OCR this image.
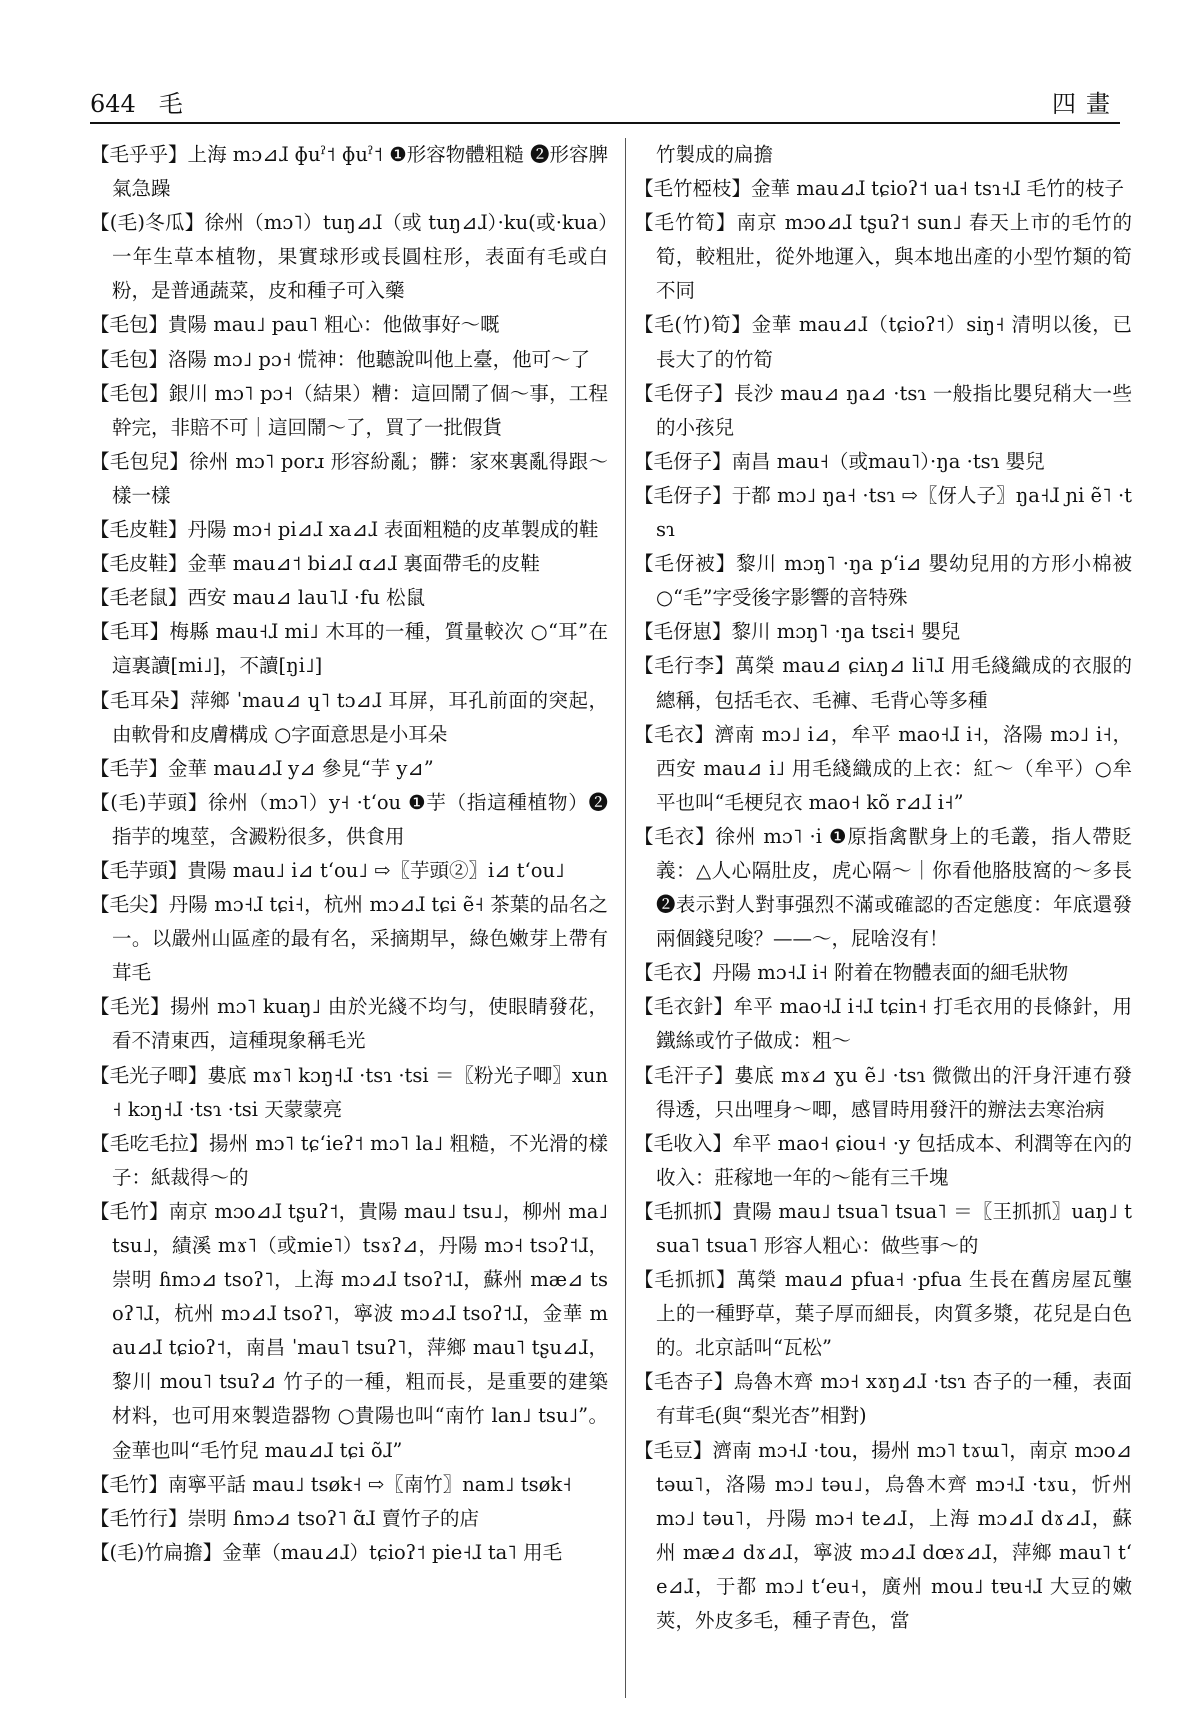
644 毛	四畫

【毛乎乎】上海 mɔ⊿ɺ ɸuˀ˦ ɸuˀ˦ ❶形容物體粗糙 ❷形容脾氣急躁

【(毛)冬瓜】徐州（mɔ˥）tuŋ⊿ɺ（或 tuŋ⊿ɺ）·ku(或·kua）一年生草本植物，果實球形或長圓柱形，表面有毛或白粉，是普通蔬菜，皮和種子可入藥

【毛包】貴陽 mau˩ pau˥ 粗心：他做事好～嘅

【毛包】洛陽 mɔ˩ pɔ˧ 慌神：他聽說叫他上臺，他可～了

【毛包】銀川 mɔ˥ pɔ˧（結果）糟：這回鬧了個～事，工程幹完，非賠不可｜這回鬧～了，買了一批假貨

【毛包兒】徐州 mɔ˥ porɹ 形容紛亂；髒：家來裏亂得跟～樣一樣

【毛皮鞋】丹陽 mɔ˧ pi⊿ɺ xa⊿ɺ 表面粗糙的皮革製成的鞋

【毛皮鞋】金華 mau⊿˦ bi⊿ɺ ɑ⊿ɺ 裏面帶毛的皮鞋

【毛老鼠】西安 mau⊿ lau˥ɺ ·fu 松鼠

【毛耳】梅縣 mau˧ɺ mi˩ 木耳的一種，質量較次 ○“耳”在這裏讀[mi˩]，不讀[ŋi˩]

【毛耳朵】萍鄉 ˈmau⊿ ɥ˥ tɔ⊿ɺ 耳屏，耳孔前面的突起，由軟骨和皮膚構成 ○字面意思是小耳朵

【毛芋】金華 mau⊿ɺ y⊿ 參見“芋 y⊿”

【(毛)芋頭】徐州（mɔ˥）y˧ ·tʻou ❶芋（指這種植物）❷指芋的塊莖，含澱粉很多，供食用

【毛芋頭】貴陽 mau˩ i⊿ tʻou˩ ⇨〖芋頭②〗i⊿ tʻou˩

【毛尖】丹陽 mɔ˧ɺ tɕi˧，杭州 mɔ⊿ɺ tɕi ẽ˧ 茶葉的品名之一。以嚴州山區產的最有名，采摘期早，綠色嫩芽上帶有茸毛

【毛光】揚州 mɔ˥ kuaŋ˩ 由於光綫不均勻，使眼睛發花，看不清東西，這種現象稱毛光

【毛光子唧】婁底 mɤ˥ kɔŋ˧ɺ ·tsɿ ·tsi ＝〖粉光子唧〗xun˧ kɔŋ˧ɺ ·tsɿ ·tsi 天蒙蒙亮

【毛吃毛拉】揚州 mɔ˥ tɕʻieʔ˦ mɔ˥ la˩ 粗糙，不光滑的樣子：紙裁得～的

【毛竹】南京 mɔo⊿ɺ tʂuʔ˦，貴陽 mau˩ tsu˩，柳州 ma˩ tsu˩，績溪 mɤ˥（或mie˥）tsɤʔ⊿，丹陽 mɔ˧ tsɔʔ˦ɺ，崇明 ɦmɔ⊿ tsoʔ˥，上海 mɔ⊿ɺ tsoʔ˦ɺ，蘇州 mæ⊿ tsoʔ˥ɺ，杭州 mɔ⊿ɺ tsoʔ˥，寧波 mɔ⊿ɺ tsoʔ˦ɺ，金華 mau⊿ɺ tɕioʔ˦，南昌 ˈmau˥ tsuʔ˥，萍鄉 mau˥ tʂu⊿ɺ，黎川 mou˥ tsuʔ⊿ 竹子的一種，粗而長，是重要的建築材料，也可用來製造器物 ○貴陽也叫“南竹 lan˩ tsu˩”。金華也叫“毛竹兒 mau⊿ɺ tɕi õɺ”

【毛竹】南寧平話 mau˩ tsøk˧ ⇨〖南竹〗nam˩ tsøk˧

【毛竹行】崇明 ɦmɔ⊿ tsoʔ˥ ɑ̃ɺ 賣竹子的店

【(毛)竹扁擔】金華（mau⊿ɺ）tɕioʔ˦ pie˧ɺ ta˥ 用毛

竹製成的扁擔

【毛竹椏枝】金華 mau⊿ɺ tɕioʔ˦ ua˧ tsɿ˧ɺ 毛竹的枝子

【毛竹筍】南京 mɔo⊿ɺ tʂuʔ˦ sun˩ 春天上市的毛竹的筍，較粗壯，從外地運入，與本地出產的小型竹類的筍不同

【毛(竹)筍】金華 mau⊿ɺ（tɕioʔ˦）siŋ˧ 清明以後，已長大了的竹筍

【毛伢子】長沙 mau⊿ ŋa⊿ ·tsɿ 一般指比嬰兒稍大一些的小孩兒

【毛伢子】南昌 mau˧（或mau˥）·ŋa ·tsɿ 嬰兒

【毛伢子】于都 mɔ˩ ŋa˧ ·tsɿ ⇨〖伢人子〗ŋa˧ɺ ɲi ẽ˥ ·tsɿ

【毛伢被】黎川 mɔŋ˥ ·ŋa pʻi⊿ 嬰幼兒用的方形小棉被 ○“毛”字受後字影響的音特殊

【毛伢崽】黎川 mɔŋ˥ ·ŋa tsɛi˧ 嬰兒

【毛行李】萬榮 mau⊿ ɕiʌŋ⊿ li˥ɺ 用毛綫織成的衣服的總稱，包括毛衣、毛褲、毛背心等多種

【毛衣】濟南 mɔ˩ i⊿，牟平 mao˧ɺ i˧，洛陽 mɔ˩ i˧，西安 mau⊿ i˩ 用毛綫織成的上衣：紅～（牟平）○牟平也叫“毛梗兒衣 mao˧ kõ r⊿ɺ i˧”

【毛衣】徐州 mɔ˥ ·i ❶原指禽獸身上的毛叢，指人帶貶義：△人心隔肚皮，虎心隔～｜你看他胳肢窩的～多長 ❷表示對人對事强烈不滿或確認的否定態度：年底還發兩個錢兒唆？——～，屁啥沒有！

【毛衣】丹陽 mɔ˧ɺ i˧ 附着在物體表面的細毛狀物

【毛衣針】牟平 mao˧ɺ i˧ɺ tɕin˧ 打毛衣用的長條針，用鐵絲或竹子做成：粗～

【毛汗子】婁底 mɤ⊿ ɣu ẽ˩ ·tsɿ 微微出的汗身汗連冇發得透，只出哩身～唧，感冒時用發汗的辦法去寒治病

【毛收入】牟平 mao˧ ɕiou˧ ·y 包括成本、利潤等在內的收入：莊稼地一年的～能有三千塊

【毛抓抓】貴陽 mau˩ tsua˥ tsua˥ ＝〖王抓抓〗uaŋ˩ tsua˥ tsua˥ 形容人粗心：做些事～的

【毛抓抓】萬榮 mau⊿ pfua˧ ·pfua 生長在舊房屋瓦壟上的一種野草，葉子厚而細長，肉質多漿，花兒是白色的。北京話叫“瓦松”

【毛杏子】烏魯木齊 mɔ˧ xɤŋ⊿ɺ ·tsɿ 杏子的一種，表面有茸毛(與“梨光杏”相對)

【毛豆】濟南 mɔ˧ɺ ·tou，揚州 mɔ˥ tɤɯ˥，南京 mɔo⊿ təɯ˥，洛陽 mɔ˩ təu˩，烏魯木齊 mɔ˧ɺ ·tɤu，忻州 mɔ˩ təu˥，丹陽 mɔ˧ te⊿ɺ，上海 mɔ⊿ɺ dɤ⊿ɺ，蘇州 mæ⊿ dɤ⊿ɺ，寧波 mɔ⊿ɺ dœɤ⊿ɺ，萍鄉 mau˥ tʻe⊿ɺ，于都 mɔ˩ tʻeu˧，廣州 mou˩ tɐu˧ɺ 大豆的嫩莢，外皮多毛，種子青色，當
